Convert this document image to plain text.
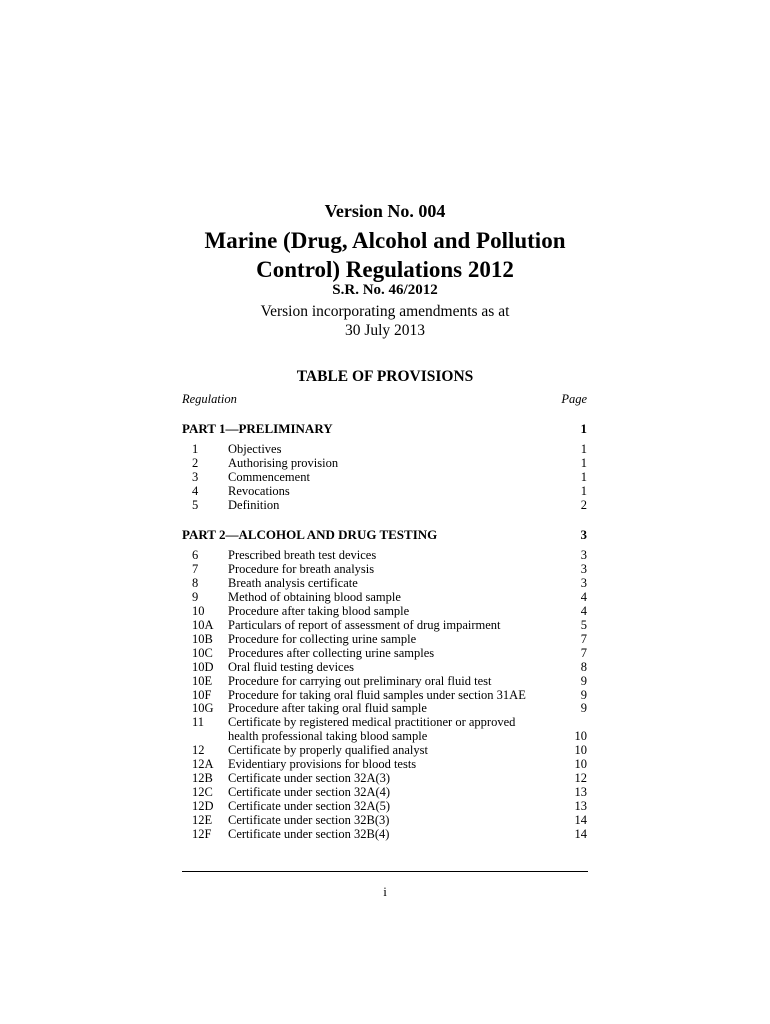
Version No. 004
Marine (Drug, Alcohol and Pollution
Control) Regulations 2012
S.R. No. 46/2012
Version incorporating amendments as at
30 July 2013
TABLE OF PROVISIONS
Regulation	Page
PART 1—PRELIMINARY	1
1 Objectives	1
2 Authorising provision	1
3 Commencement	1
4 Revocations	1
5 Definition	2
PART 2—ALCOHOL AND DRUG TESTING	3
6 Prescribed breath test devices	3
7 Procedure for breath analysis	3
8 Breath analysis certificate	3
9 Method of obtaining blood sample	4
10 Procedure after taking blood sample	4
10A Particulars of report of assessment of drug impairment	5
10B Procedure for collecting urine sample	7
10C Procedures after collecting urine samples	7
10D Oral fluid testing devices	8
10E Procedure for carrying out preliminary oral fluid test	9
10F Procedure for taking oral fluid samples under section 31AE	9
10G Procedure after taking oral fluid sample	9
11 Certificate by registered medical practitioner or approved
health professional taking blood sample	10
12 Certificate by properly qualified analyst	10
12A Evidentiary provisions for blood tests	10
12B Certificate under section 32A(3)	12
12C Certificate under section 32A(4)	13
12D Certificate under section 32A(5)	13
12E Certificate under section 32B(3)	14
12F Certificate under section 32B(4)	14
i
